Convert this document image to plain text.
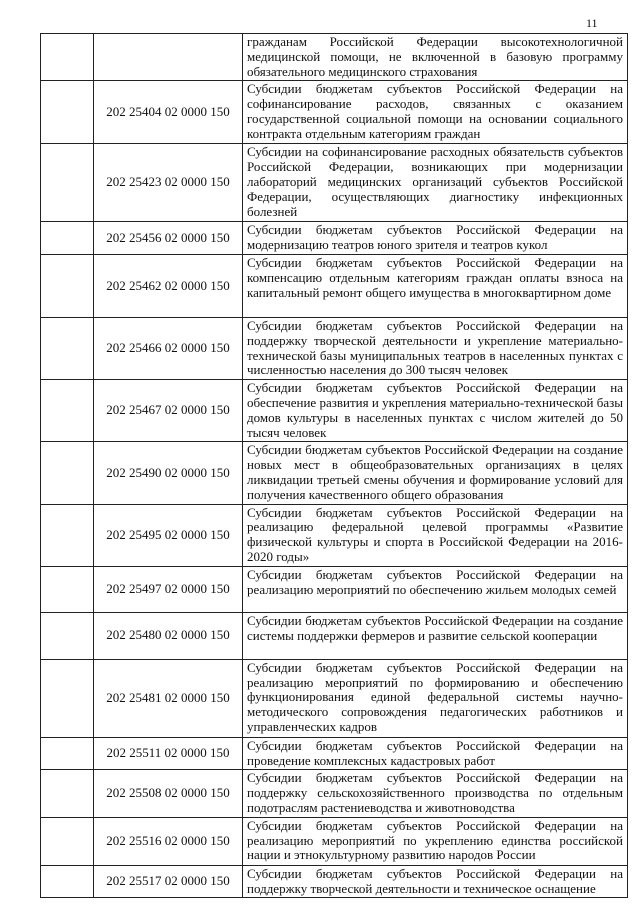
11

		гражданам Российской Федерации высокотехнологичной медицинской помощи, не включенной в базовую программу обязательного медицинского страхования

	202 25404 02 0000 150	Субсидии бюджетам субъектов Российской Федерации на софинансирование расходов, связанных с оказанием государственной социальной помощи на основании социального контракта отдельным категориям граждан

	202 25423 02 0000 150	Субсидии на софинансирование расходных обязательств субъектов Российской Федерации, возникающих при модернизации лабораторий медицинских организаций субъектов Российской Федерации, осуществляющих диагностику инфекционных болезней

	202 25456 02 0000 150	Субсидии бюджетам субъектов Российской Федерации на модернизацию театров юного зрителя и театров кукол

	202 25462 02 0000 150	Субсидии бюджетам субъектов Российской Федерации на компенсацию отдельным категориям граждан оплаты взноса на капитальный ремонт общего имущества в многоквартирном доме

	202 25466 02 0000 150	Субсидии бюджетам субъектов Российской Федерации на поддержку творческой деятельности и укрепление материально-технической базы муниципальных театров в населенных пунктах с численностью населения до 300 тысяч человек

	202 25467 02 0000 150	Субсидии бюджетам субъектов Российской Федерации на обеспечение развития и укрепления материально-технической базы домов культуры в населенных пунктах с числом жителей до 50 тысяч человек

	202 25490 02 0000 150	Субсидии бюджетам субъектов Российской Федерации на создание новых мест в общеобразовательных организациях в целях ликвидации третьей смены обучения и формирование условий для получения качественного общего образования

	202 25495 02 0000 150	Субсидии бюджетам субъектов Российской Федерации на реализацию федеральной целевой программы «Развитие физической культуры и спорта в Российской Федерации на 2016-2020 годы»

	202 25497 02 0000 150	Субсидии бюджетам субъектов Российской Федерации на реализацию мероприятий по обеспечению жильем молодых семей

	202 25480 02 0000 150	Субсидии бюджетам субъектов Российской Федерации на создание системы поддержки фермеров и развитие сельской кооперации

	202 25481 02 0000 150	Субсидии бюджетам субъектов Российской Федерации на реализацию мероприятий по формированию и обеспечению функционирования единой федеральной системы научно-методического сопровождения педагогических работников и управленческих кадров

	202 25511 02 0000 150	Субсидии бюджетам субъектов Российской Федерации на проведение комплексных кадастровых работ

	202 25508 02 0000 150	Субсидии бюджетам субъектов Российской Федерации на поддержку сельскохозяйственного производства по отдельным подотраслям растениеводства и животноводства

	202 25516 02 0000 150	Субсидии бюджетам субъектов Российской Федерации на реализацию мероприятий по укреплению единства российской нации и этнокультурному развитию народов России

	202 25517 02 0000 150	Субсидии бюджетам субъектов Российской Федерации на поддержку творческой деятельности и техническое оснащение
